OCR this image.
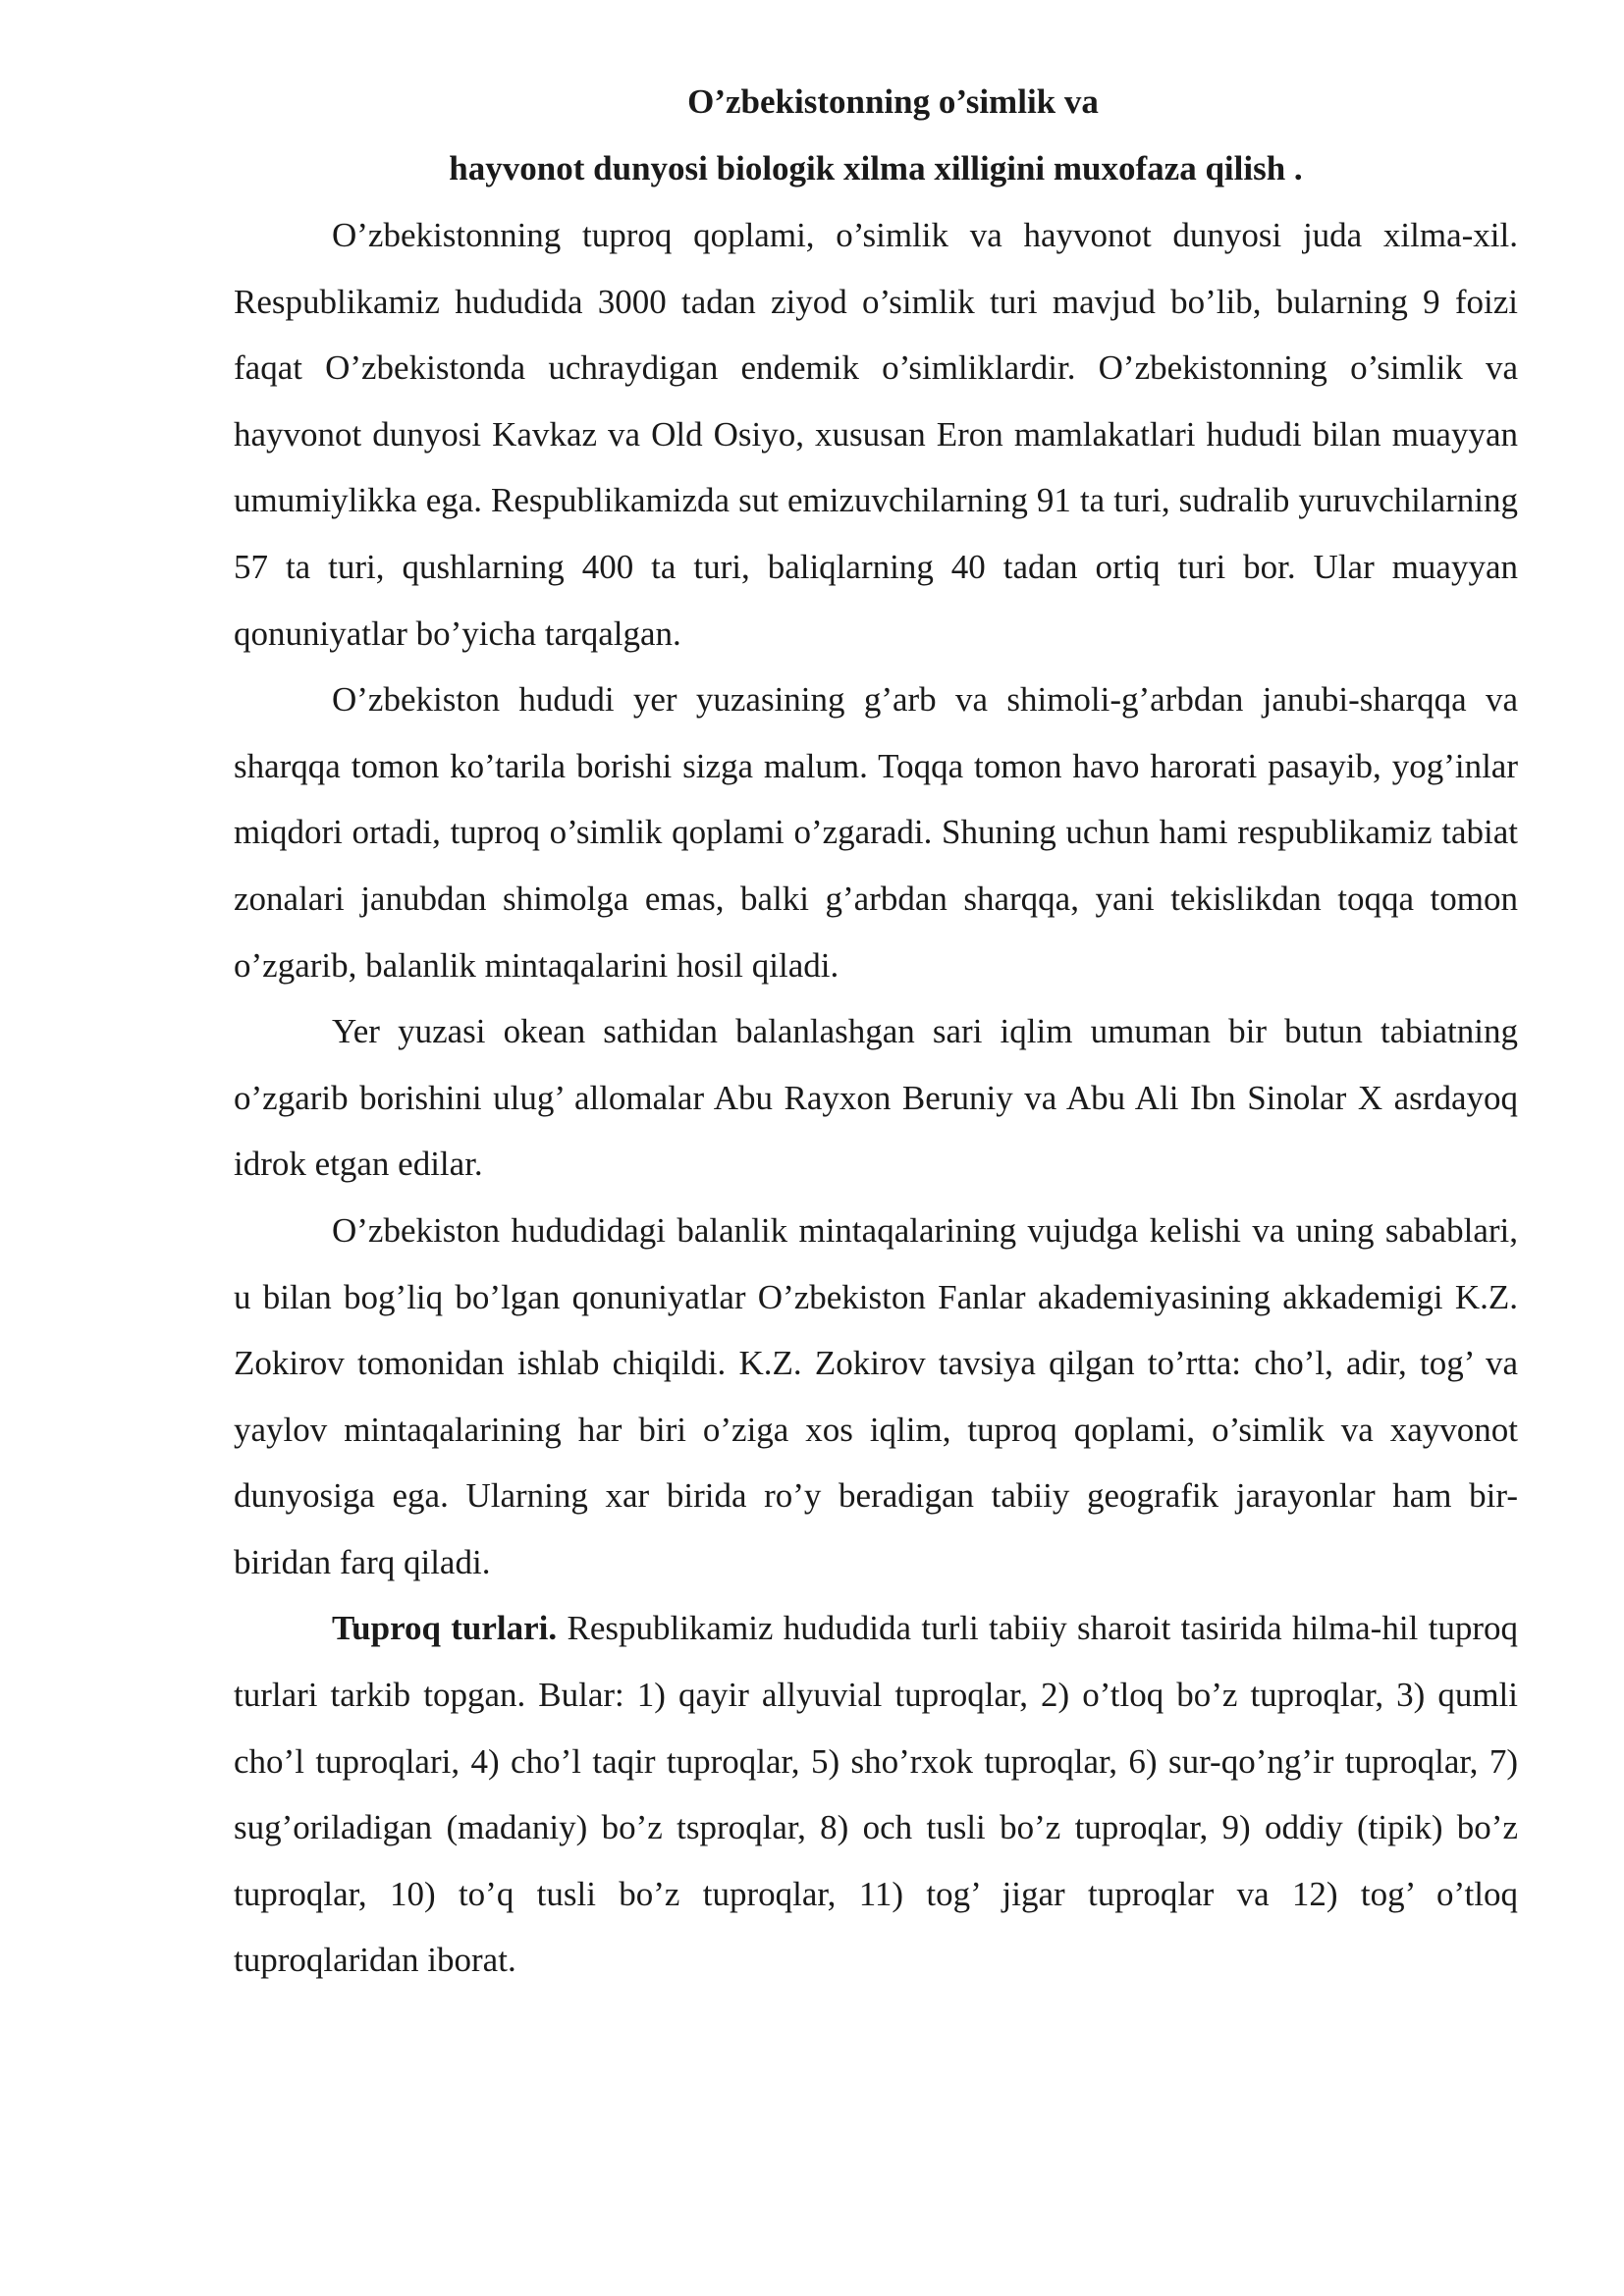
O’zbekistonning o’simlik va

hayvonot dunyosi biologik xilma xilligini muxofaza qilish .

O’zbekistonning tuproq qoplami, o’simlik va hayvonot dunyosi juda xilma-xil. Respublikamiz hududida 3000 tadan ziyod o’simlik turi mavjud bo’lib, bularning 9 foizi faqat O’zbekistonda uchraydigan endemik o’simliklardir. O’zbekistonning o’simlik va hayvonot dunyosi Kavkaz va Old Osiyo, xususan Eron mamlakatlari hududi bilan muayyan umumiylikka ega. Respublikamizda sut emizuvchilarning 91 ta turi, sudralib yuruvchilarning 57 ta turi, qushlarning 400 ta turi, baliqlarning 40 tadan ortiq turi bor. Ular muayyan qonuniyatlar bo’yicha tarqalgan.

O’zbekiston hududi yer yuzasining g’arb va shimoli-g’arbdan janubi-sharqqa va sharqqa tomon ko’tarila borishi sizga malum. Toqqa tomon havo harorati pasayib, yog’inlar miqdori ortadi, tuproq o’simlik qoplami o’zgaradi. Shuning uchun hami respublikamiz tabiat zonalari janubdan shimolga emas, balki g’arbdan sharqqa, yani tekislikdan toqqa tomon o’zgarib, balanlik mintaqalarini hosil qiladi.

Yer yuzasi okean sathidan balanlashgan sari iqlim umuman bir butun tabiatning o’zgarib borishini ulug’ allomalar Abu Rayxon Beruniy va Abu Ali Ibn Sinolar X asrdayoq idrok etgan edilar.

O’zbekiston hududidagi balanlik mintaqalarining vujudga kelishi va uning sabablari, u bilan bog’liq bo’lgan qonuniyatlar O’zbekiston Fanlar akademiyasining akkademigi K.Z. Zokirov tomonidan ishlab chiqildi. K.Z. Zokirov tavsiya qilgan to’rtta: cho’l, adir, tog’ va yaylov mintaqalarining har biri o’ziga xos iqlim, tuproq qoplami, o’simlik va xayvonot dunyosiga ega. Ularning xar birida ro’y beradigan tabiiy geografik jarayonlar ham bir-biridan farq qiladi.

Tuproq turlari. Respublikamiz hududida turli tabiiy sharoit tasirida hilma-hil tuproq turlari tarkib topgan. Bular: 1) qayir allyuvial tuproqlar, 2) o’tloq bo’z tuproqlar, 3) qumli cho’l tuproqlari, 4) cho’l taqir tuproqlar, 5) sho’rxok tuproqlar, 6) sur-qo’ng’ir tuproqlar, 7) sug’oriladigan (madaniy) bo’z tsproqlar, 8) och tusli bo’z tuproqlar, 9) oddiy (tipik) bo’z tuproqlar, 10) to’q tusli bo’z tuproqlar, 11) tog’ jigar tuproqlar va 12) tog’ o’tloq tuproqlaridan iborat.
